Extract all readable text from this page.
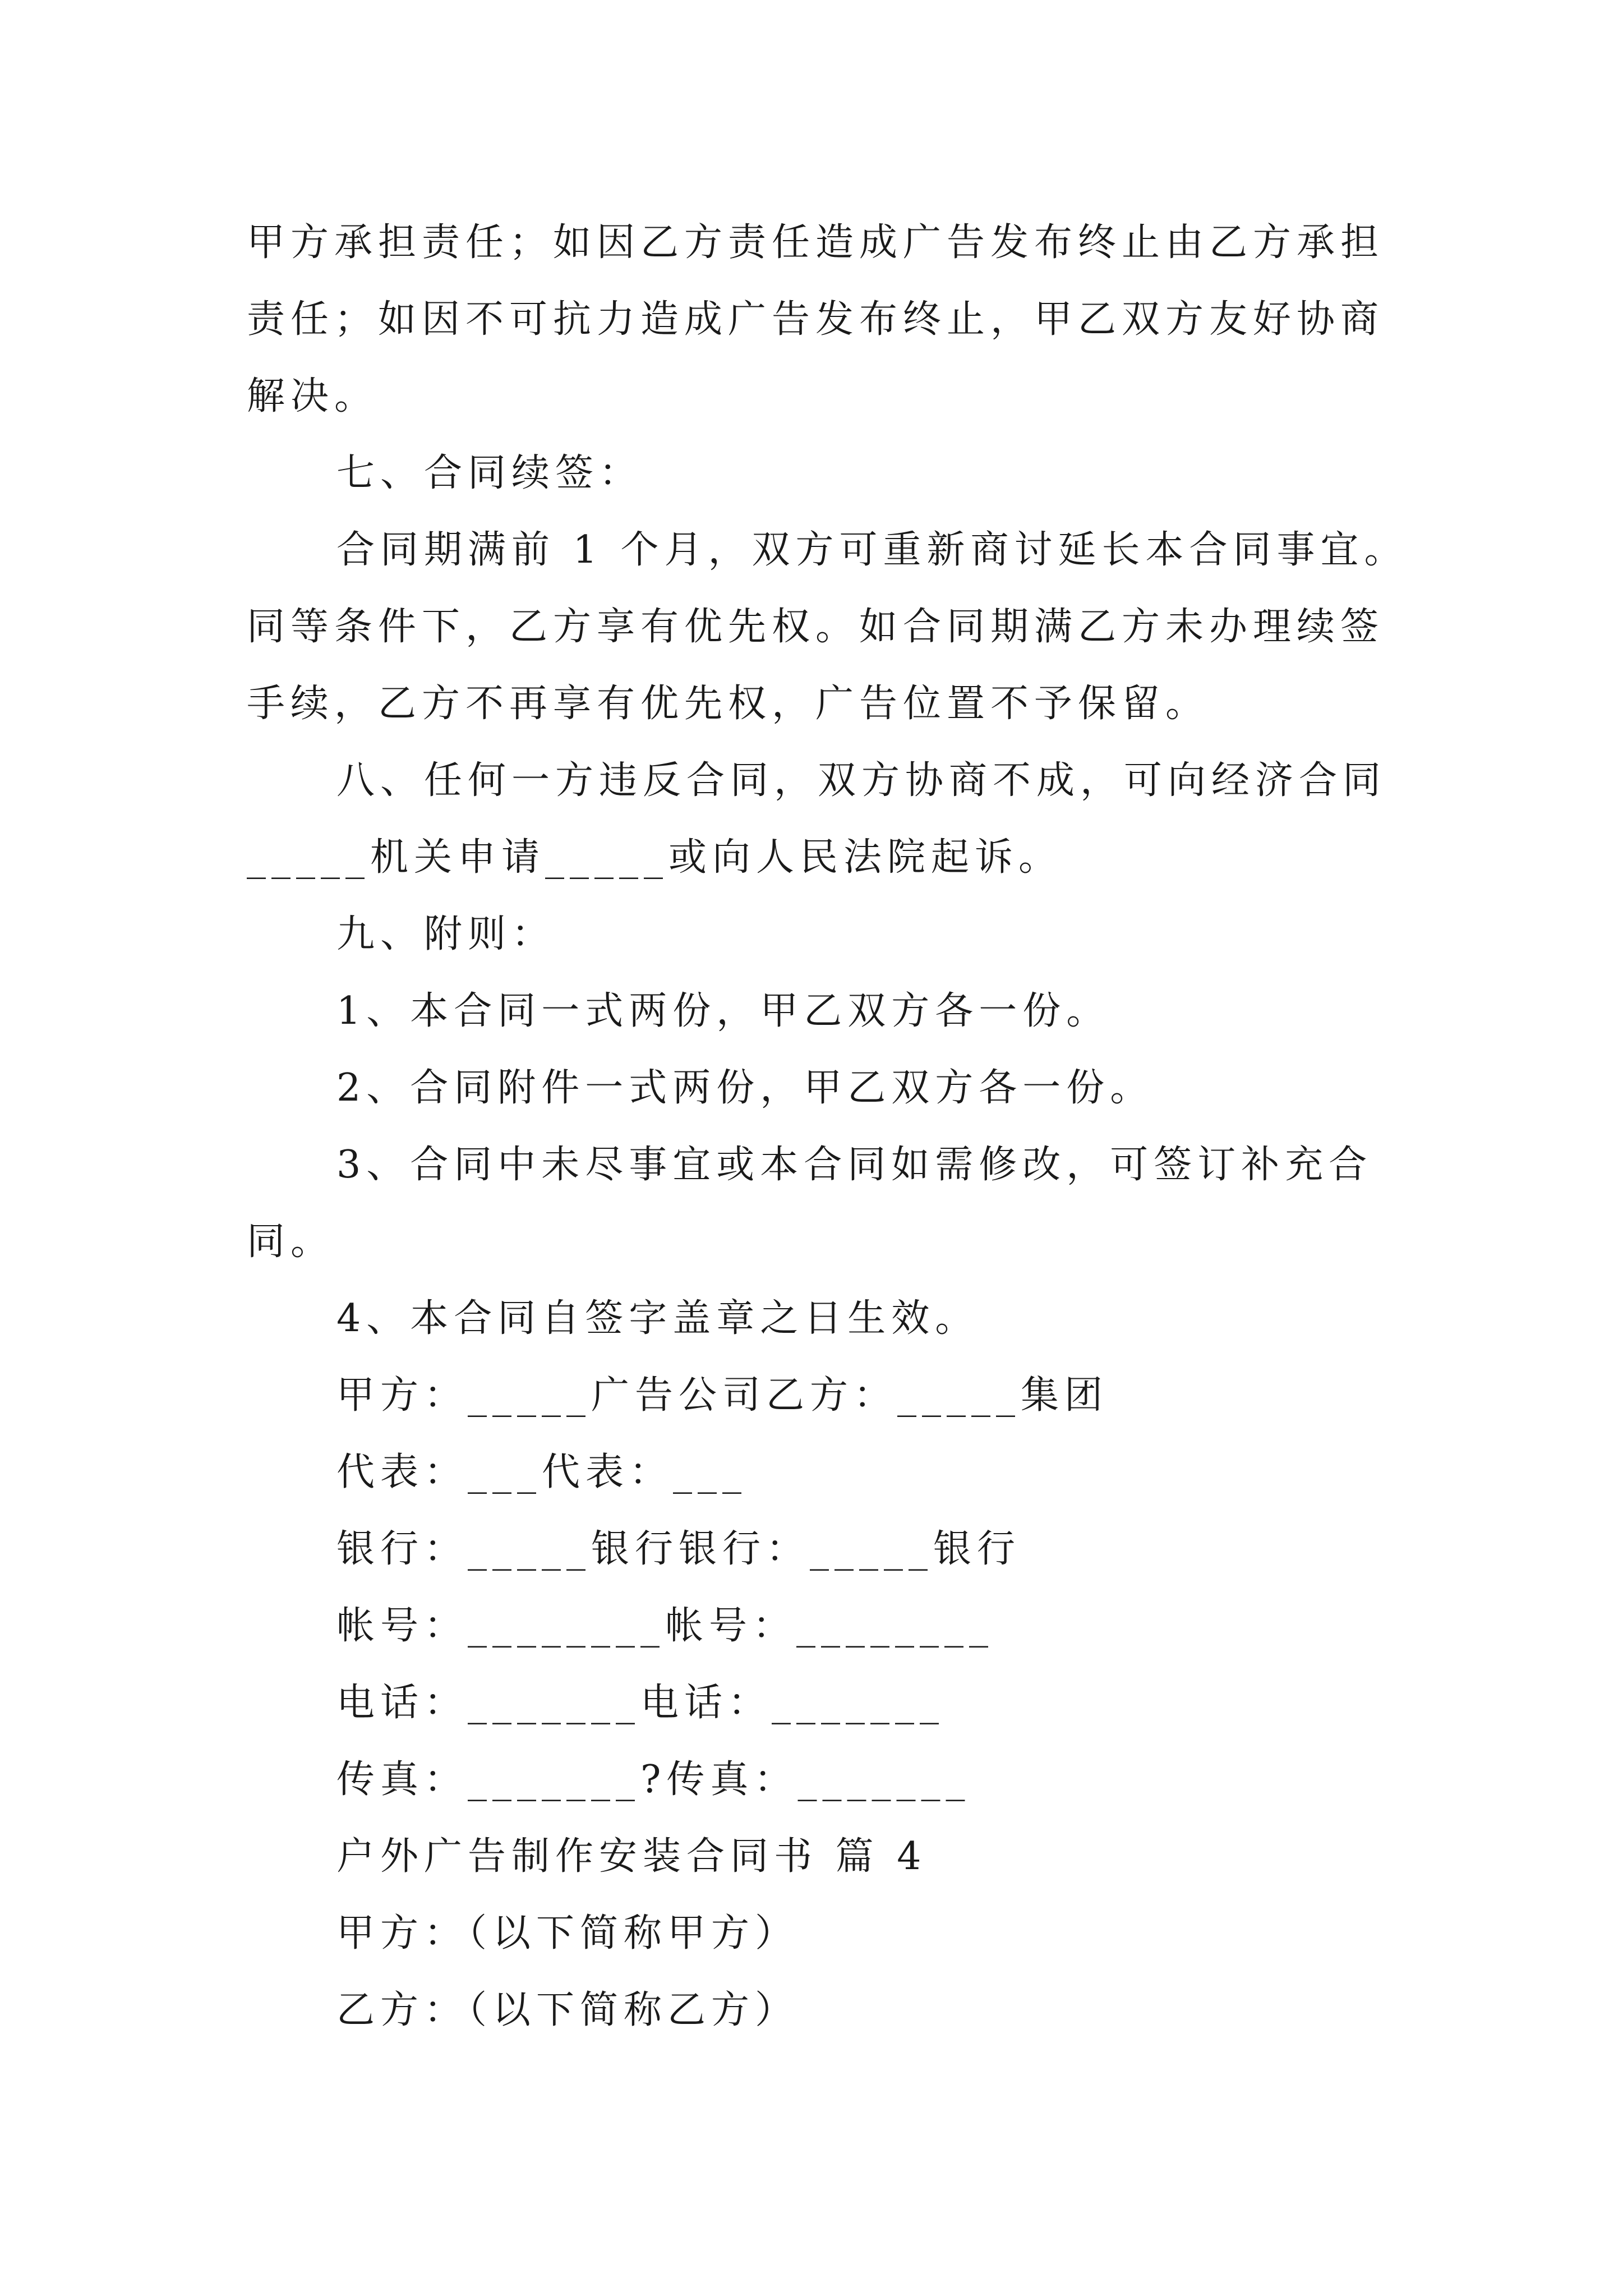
甲方承担责任；如因乙方责任造成广告发布终止由乙方承担
责任；如因不可抗力造成广告发布终止，甲乙双方友好协商
解决。
七、合同续签：
合同期满前 1 个月，双方可重新商讨延长本合同事宜。
同等条件下，乙方享有优先权。如合同期满乙方未办理续签
手续，乙方不再享有优先权，广告位置不予保留。
八、任何一方违反合同，双方协商不成，可向经济合同
_____机关申请_____或向人民法院起诉。
九、附则：
1、本合同一式两份，甲乙双方各一份。
2、合同附件一式两份，甲乙双方各一份。
3、合同中未尽事宜或本合同如需修改，可签订补充合
同。
4、本合同自签字盖章之日生效。
甲方：_____广告公司乙方：_____集团
代表：___代表：___
银行：_____银行银行：_____银行
帐号：________帐号：________
电话：_______电话：_______
传真：_______?传真：_______
户外广告制作安装合同书 篇 4
甲方：（以下简称甲方）
乙方：（以下简称乙方）
